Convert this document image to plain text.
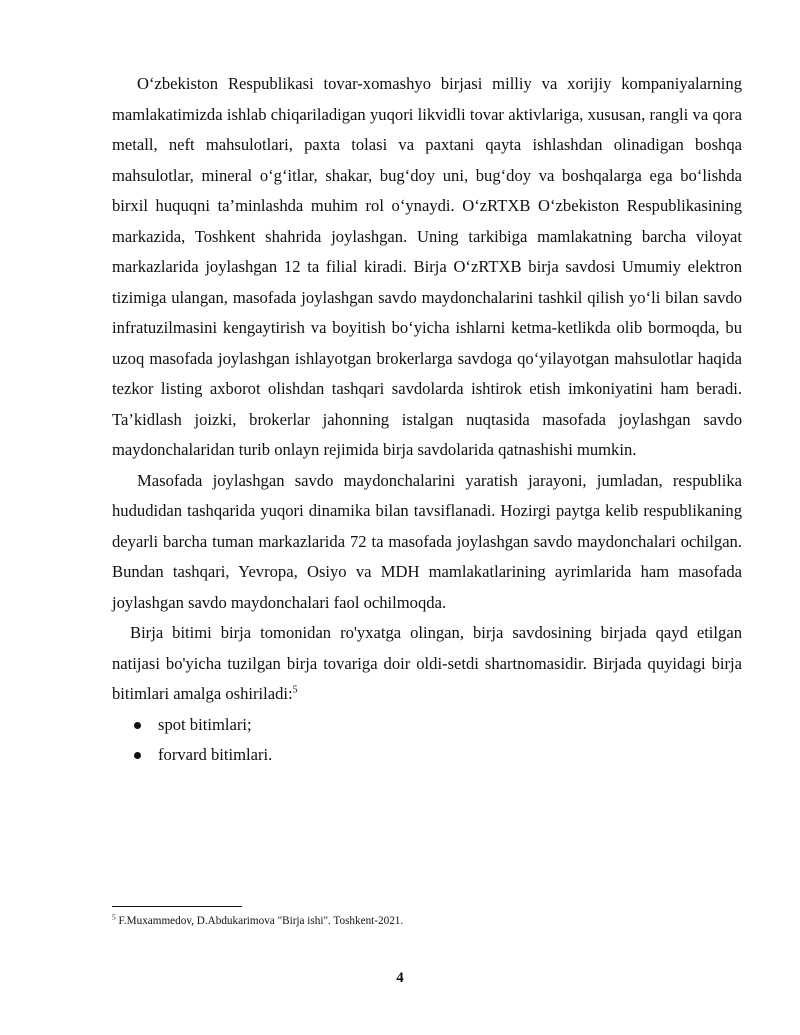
O‘zbekiston Respublikasi tovar-xomashyo birjasi milliy va xorijiy kompaniyalarning mamlakatimizda ishlab chiqariladigan yuqori likvidli tovar aktivlariga, xususan, rangli va qora metall, neft mahsulotlari, paxta tolasi va paxtani qayta ishlashdan olinadigan boshqa mahsulotlar, mineral o‘g‘itlar, shakar, bug‘doy uni, bug‘doy va boshqalarga ega bo‘lishda birxil huquqni ta’minlashda muhim rol o‘ynaydi. O‘zRTXB O‘zbekiston Respublikasining markazida, Toshkent shahrida joylashgan. Uning tarkibiga mamlakatning barcha viloyat markazlarida joylashgan 12 ta filial kiradi. Birja O‘zRTXB birja savdosi Umumiy elektron tizimiga ulangan, masofada joylashgan savdo maydonchalarini tashkil qilish yo‘li bilan savdo infratuzilmasini kengaytirish va boyitish bo‘yicha ishlarni ketma-ketlikda olib bormoqda, bu uzoq masofada joylashgan ishlayotgan brokerlarga savdoga qo‘yilayotgan mahsulotlar haqida tezkor listing axborot olishdan tashqari savdolarda ishtirok etish imkoniyatini ham beradi. Ta’kidlash joizki, brokerlar jahonning istalgan nuqtasida masofada joylashgan savdo maydonchalaridan turib onlayn rejimida birja savdolarida qatnashishi mumkin.

Masofada joylashgan savdo maydonchalarini yaratish jarayoni, jumladan, respublika hududidan tashqarida yuqori dinamika bilan tavsiflanadi. Hozirgi paytga kelib respublikaning deyarli barcha tuman markazlarida 72 ta masofada joylashgan savdo maydonchalari ochilgan. Bundan tashqari, Yevropa, Osiyo va MDH mamlakatlarining ayrimlarida ham masofada joylashgan savdo maydonchalari faol ochilmoqda.

Birja bitimi birja tomonidan ro'yxatga olingan, birja savdosining birjada qayd etilgan natijasi bo'yicha tuzilgan birja tovariga doir oldi-setdi shartnomasidir. Birjada quyidagi birja bitimlari amalga oshiriladi:$^5$

spot bitimlari;
forvard bitimlari.
$^5$ F.Muxammedov, D.Abdukarimova "Birja ishi". Toshkent-2021.
4
